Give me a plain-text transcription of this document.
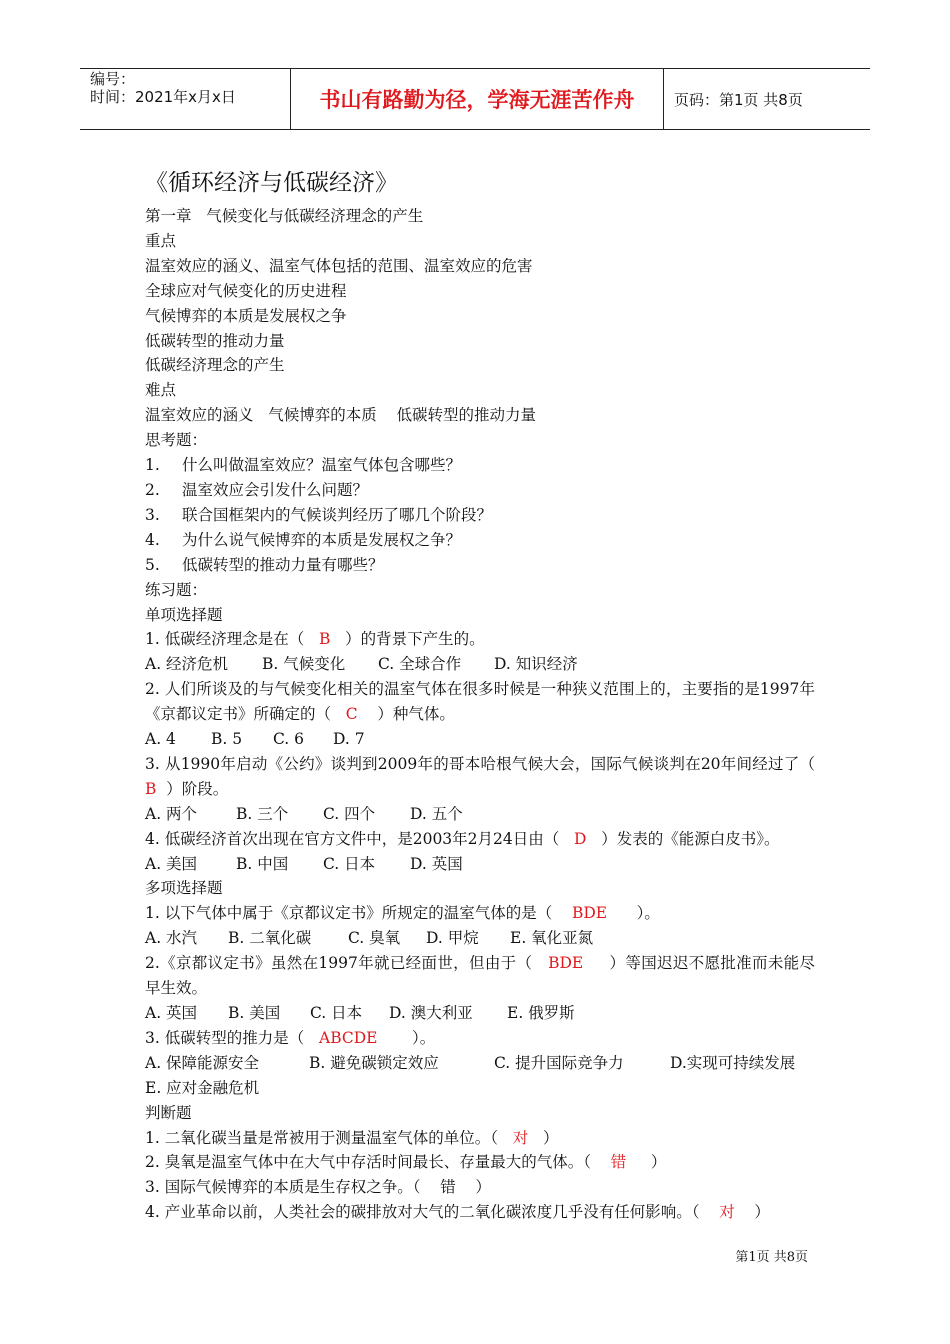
编号：
时间：2021年x月x日	书山有路勤为径，学海无涯苦作舟	页码：第1页 共8页
《循环经济与低碳经济》
第一章   气候变化与低碳经济理念的产生
重点
温室效应的涵义、温室气体包括的范围、温室效应的危害
全球应对气候变化的历史进程
气候博弈的本质是发展权之争
低碳转型的推动力量
低碳经济理念的产生
难点
温室效应的涵义   气候博弈的本质    低碳转型的推动力量
思考题：
1. 什么叫做温室效应？温室气体包含哪些？
2. 温室效应会引发什么问题？
3. 联合国框架内的气候谈判经历了哪几个阶段？
4. 为什么说气候博弈的本质是发展权之争？
5. 低碳转型的推动力量有哪些？
练习题：
单项选择题
1. 低碳经济理念是在（   B   ）的背景下产生的。
A. 经济危机 B. 气候变化 C. 全球合作 D. 知识经济
2. 人们所谈及的与气候变化相关的温室气体在很多时候是一种狭义范围上的，主要指的是1997年《京都议定书》所确定的（   C    ）种气体。
A. 4 B. 5 C. 6 D. 7
3. 从1990年启动《公约》谈判到2009年的哥本哈根气候大会，国际气候谈判在20年间经过了（   B  ）阶段。
A. 两个	B. 三个 C. 四个 D. 五个
4. 低碳经济首次出现在官方文件中，是2003年2月24日由（   D   ）发表的《能源白皮书》。
A. 美国	B. 中国 C. 日本 D. 英国
多项选择题
1. 以下气体中属于《京都议定书》所规定的温室气体的是（    BDE      ）。
A. 水汽 B. 二氧化碳 C. 臭氧 D. 甲烷 E. 氧化亚氮
2.《京都议定书》虽然在1997年就已经面世，但由于（   BDE     ）等国迟迟不愿批准而未能尽早生效。
A. 英国 B. 美国 C. 日本 D. 澳大利亚 E. 俄罗斯
3. 低碳转型的推力是（   ABCDE       ）。
A. 保障能源安全	B. 避免碳锁定效应	C. 提升国际竞争力	D.实现可持续发展
E. 应对金融危机
判断题
1. 二氧化碳当量是常被用于测量温室气体的单位。（   对   ）
2. 臭氧是温室气体中在大气中存活时间最长、存量最大的气体。（    错     ）
3. 国际气候博弈的本质是生存权之争。（    错    ）
4. 产业革命以前，人类社会的碳排放对大气的二氧化碳浓度几乎没有任何影响。（    对    ）
第1页 共8页
